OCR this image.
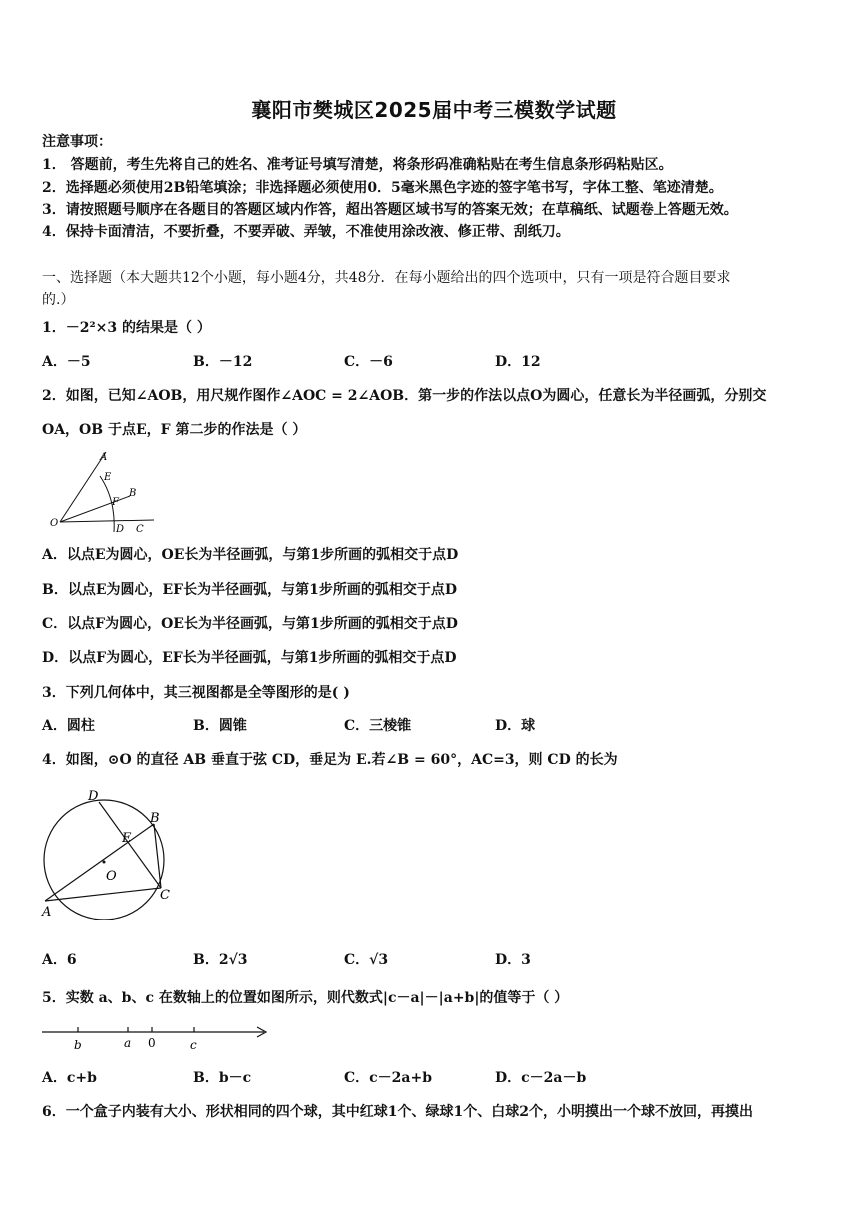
襄阳市樊城区2025届中考三模数学试题
注意事项：
1． 答题前，考生先将自己的姓名、准考证号填写清楚，将条形码准确粘贴在考生信息条形码粘贴区。
2．选择题必须使用2B铅笔填涂；非选择题必须使用0．5毫米黑色字迹的签字笔书写，字体工整、笔迹清楚。
3．请按照题号顺序在各题目的答题区域内作答，超出答题区域书写的答案无效；在草稿纸、试题卷上答题无效。
4．保持卡面清洁，不要折叠，不要弄破、弄皱，不准使用涂改液、修正带、刮纸刀。
一、选择题（本大题共12个小题，每小题4分，共48分．在每小题给出的四个选项中，只有一项是符合题目要求
的.）
1．－2²×3 的结果是（ ）
A．－5	B．－12	C．－6	D．12
2．如图，已知∠AOB，用尺规作图作∠AOC = 2∠AOB．第一步的作法以点O为圆心，任意长为半径画弧，分别交
OA，OB 于点E，F 第二步的作法是（ ）
A
E
F
B
O
D C
A．以点E为圆心，OE长为半径画弧，与第1步所画的弧相交于点D
B．以点E为圆心，EF长为半径画弧，与第1步所画的弧相交于点D
C．以点F为圆心，OE长为半径画弧，与第1步所画的弧相交于点D
D．以点F为圆心，EF长为半径画弧，与第1步所画的弧相交于点D
3．下列几何体中，其三视图都是全等图形的是( )
A．圆柱	B．圆锥	C．三棱锥	D．球
4．如图，⊙O 的直径 AB 垂直于弦 CD，垂足为 E.若∠B = 60°，AC=3，则 CD 的长为
D
B
E
O
C
A
A．6	B．2√3	C．√3	D．3
5．实数 a、b、c 在数轴上的位置如图所示，则代数式|c－a|－|a+b|的值等于（ ）
b	a 0	c
A．c+b	B．b－c	C．c－2a+b	D．c－2a－b
6．一个盒子内装有大小、形状相同的四个球，其中红球1个、绿球1个、白球2个，小明摸出一个球不放回，再摸出
